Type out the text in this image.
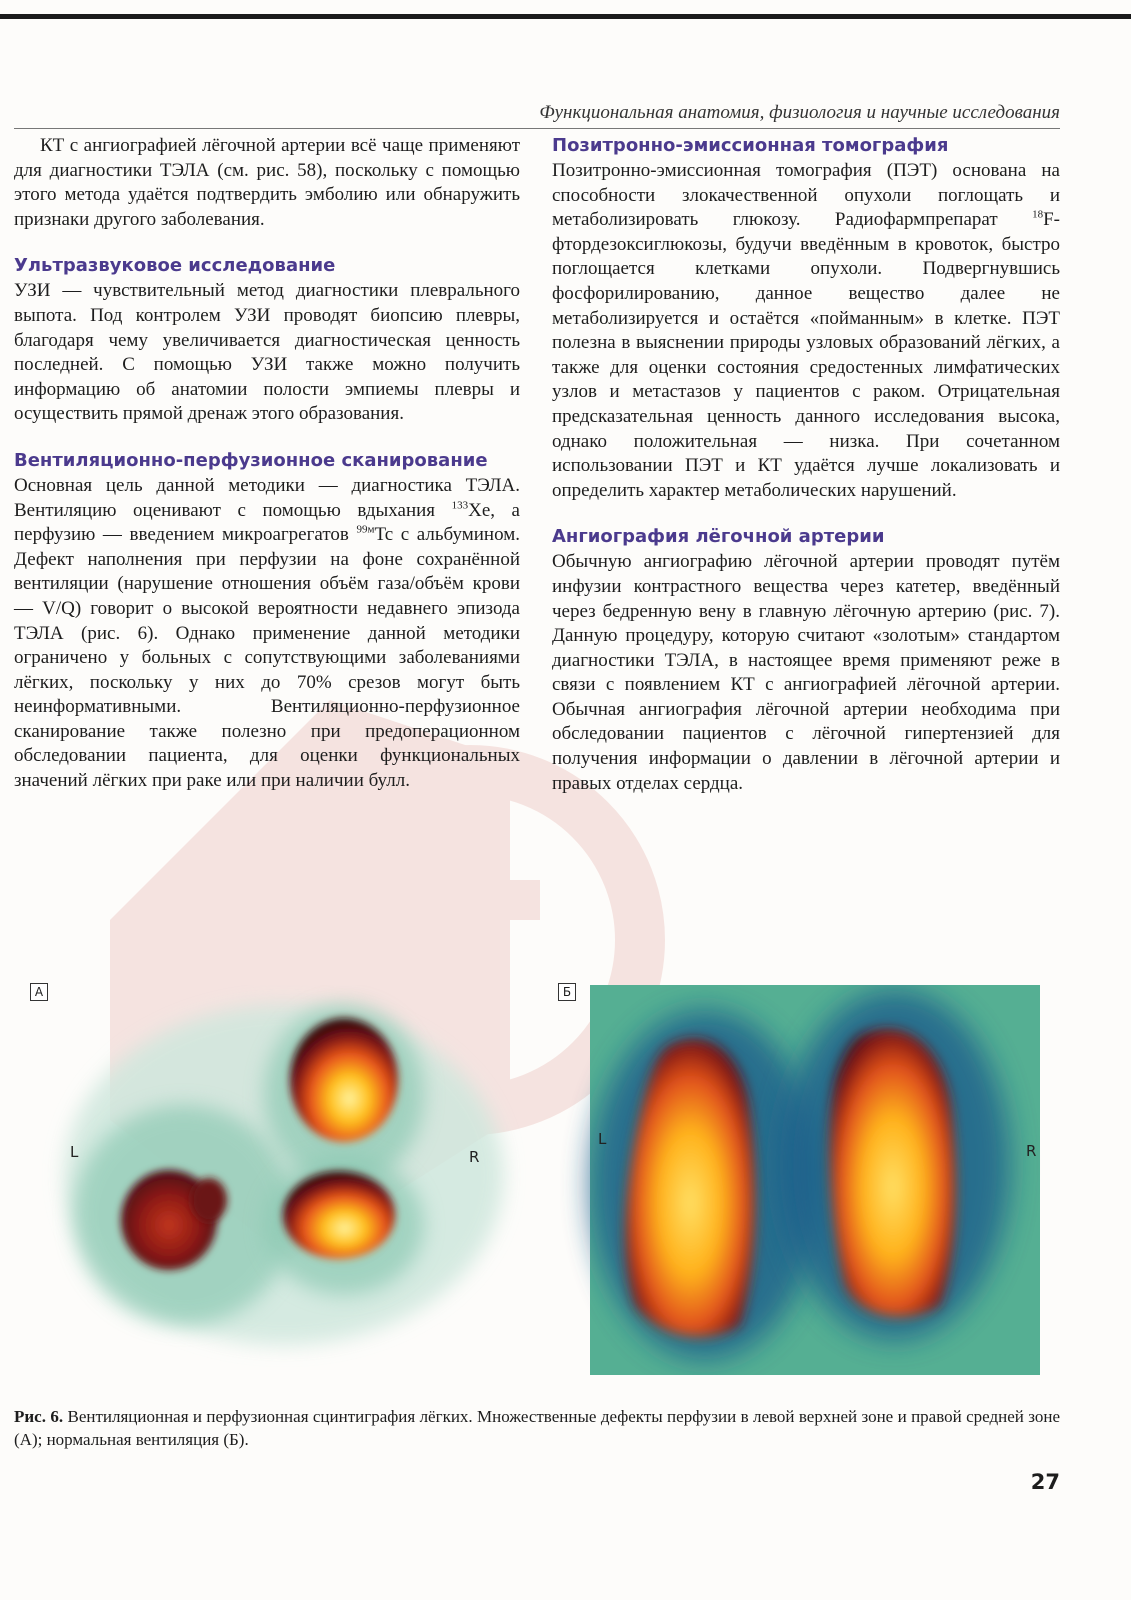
Функциональная анатомия, физиология и научные исследования

КТ с ангиографией лёгочной артерии всё чаще применяют для диагностики ТЭЛА (см. рис. 58), поскольку с помощью этого метода удаётся подтвердить эмболию или обнаружить признаки другого заболевания.

Ультразвуковое исследование

УЗИ — чувствительный метод диагностики плеврального выпота. Под контролем УЗИ проводят биопсию плевры, благодаря чему увеличивается диагностическая ценность последней. С помощью УЗИ также можно получить информацию об анатомии полости эмпиемы плевры и осуществить прямой дренаж этого образования.

Вентиляционно-перфузионное сканирование

Основная цель данной методики — диагностика ТЭЛА. Вентиляцию оценивают с помощью вдыхания $^{133}$Xe, а перфузию — введением микроагрегатов $^{99м}$Tc с альбумином. Дефект наполнения при перфузии на фоне сохранённой вентиляции (нарушение отношения объём газа/объём крови — V/Q) говорит о высокой вероятности недавнего эпизода ТЭЛА (рис. 6). Однако применение данной методики ограничено у больных с сопутствующими заболеваниями лёгких, поскольку у них до 70% срезов могут быть неинформативными. Вентиляционно-перфузионное сканирование также полезно при предоперационном обследовании пациента, для оценки функциональных значений лёгких при раке или при наличии булл.

Позитронно-эмиссионная томография

Позитронно-эмиссионная томография (ПЭТ) основана на способности злокачественной опухоли поглощать и метаболизировать глюкозу. Радиофармпрепарат $^{18}$F-фтордезоксиглюкозы, будучи введённым в кровоток, быстро поглощается клетками опухоли. Подвергнувшись фосфорилированию, данное вещество далее не метаболизируется и остаётся «пойманным» в клетке. ПЭТ полезна в выяснении природы узловых образований лёгких, а также для оценки состояния средостенных лимфатических узлов и метастазов у пациентов с раком. Отрицательная предсказательная ценность данного исследования высока, однако положительная — низка. При сочетанном использовании ПЭТ и КТ удаётся лучше локализовать и определить характер метаболических нарушений.

Ангиография лёгочной артерии

Обычную ангиографию лёгочной артерии проводят путём инфузии контрастного вещества через катетер, введённый через бедренную вену в главную лёгочную артерию (рис. 7). Данную процедуру, которую считают «золотым» стандартом диагностики ТЭЛА, в настоящее время применяют реже в связи с появлением КТ с ангиографией лёгочной артерии. Обычная ангиография лёгочной артерии необходима при обследовании пациентов с лёгочной гипертензией для получения информации о давлении в лёгочной артерии и правых отделах сердца.

A
L	R
Б
L
R
Рис. 6. Вентиляционная и перфузионная сцинтиграфия лёгких. Множественные дефекты перфузии в левой верхней зоне и правой средней зоне (А); нормальная вентиляция (Б).
27
